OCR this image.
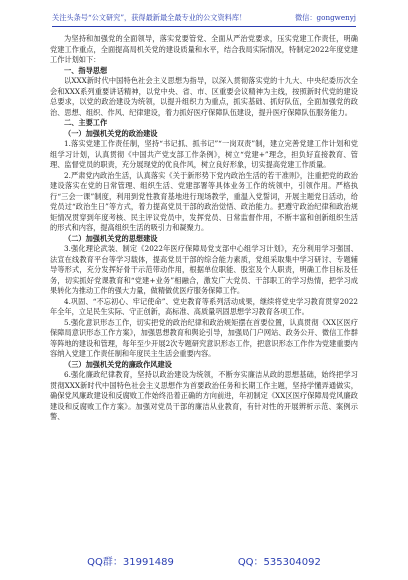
关注头条号“公文研究”，获得最新最全最专业的公文资料库！	微信：gongwenyj

为坚持和加强党的全面领导，落实党要管党、全面从严治党要求，压实党建工作责任，明确党建工作重点，全面提高局机关党的建设质量和水平，结合我局实际情况，特制定2022年度党建工作计划如下：

一、指导思想

以XXX新时代中国特色社会主义思想为指导，以深入贯彻落实党的十九大、中央纪委历次全会和XXX系列重要讲话精神，以党中央、省、市、区重要会议精神为主线，按照新时代党的建设总要求，以党的政治建设为统领，以提升组织力为重点，抓实基础、抓好队伍，全面加强党的政治、思想、组织、作风、纪律建设，着力抓好医疗保障队伍建设，提升医疗保障队伍服务能力。

二、主要工作

（一）加强机关党的政治建设

1.落实党建工作责任制，坚持“书记抓、抓书记”“一岗双责”制，建立完善党建工作计划和党组学习计划，认真贯彻《中国共产党支部工作条例》，树立“党建+”理念，担负好直接教育、管理、监督党员的职责，充分展现党的优良作风，树立良好形象，切实提高党建工作质量。

2.严肃党内政治生活，认真落实《关于新形势下党内政治生活的若干准则》，注重把党的政治建设落实在党的日常管理、组织生活、党建部署等具体业务工作的统领中，引领作用。严格执行“三会一课”制度，利用到党性教育基地进行现场教学，重温入党誓词，开展主题党日活动，给党员过“政治生日”等方式，着力提高党员干部的政治觉悟、政治能力。把遵守政治纪律和政治规矩情况贯穿到年度考核、民主评议党员中，发挥党员、日常监督作用，不断丰富和创新组织生活的形式和内容，提高组织生活的吸引力和凝聚力。

（二）加强机关党的思想建设

3.强化理论武装、制定《2022年医疗保障局党支部中心组学习计划》，充分利用学习强国、法宣在线教育平台等学习载体，提高党员干部的综合能力素质，党组采取集中学习研讨、专题辅导等形式，充分发挥好骨干示范带动作用，根据单位职能、股室及个人职责，明确工作目标及任务，切实抓好党课教育和“党建+业务”相融合，激发广大党员、干部职工的学习热情，把学习成果转化为推动工作的强大力量，做精做优医疗服务保障工作。

4.巩固、“不忘初心、牢记使命”、党史教育等系列活动成果，继续将党史学习教育贯穿2022年全年，立足民生实际、守正创新，高标准、高质量巩固思想学习教育各项工作。

5.强化意识形态工作，切实把党的政治纪律和政治规矩摆在首要位置，认真贯彻《XX区医疗保障局意识形态工作方案》，加强思想教育和舆论引导，加强局门户网站、政务公开、微信工作群等阵地的建设和管理，每年至少开展2次专题研究意识形态工作，把意识形态工作作为党建重要内容纳入党建工作责任制和年度民主生活会重要内容。

（三）加强机关党的廉政作风建设

6.强化廉政纪律教育，坚持以政治建设为统领，不断夯实廉洁从政的思想基础，始终把学习贯彻XXX新时代中国特色社会主义思想作为首要政治任务和长期工作主题，坚持学懂弄通做实，确保党风廉政建设和反腐败工作始终沿着正确的方向前进，年初制定《XX区医疗保障局党风廉政建设和反腐败工作方案》。加强对党员干部的廉洁从业教育，有针对性的开展辨析示范、案例示警、

QQ群：31991489	QQ：535304092
